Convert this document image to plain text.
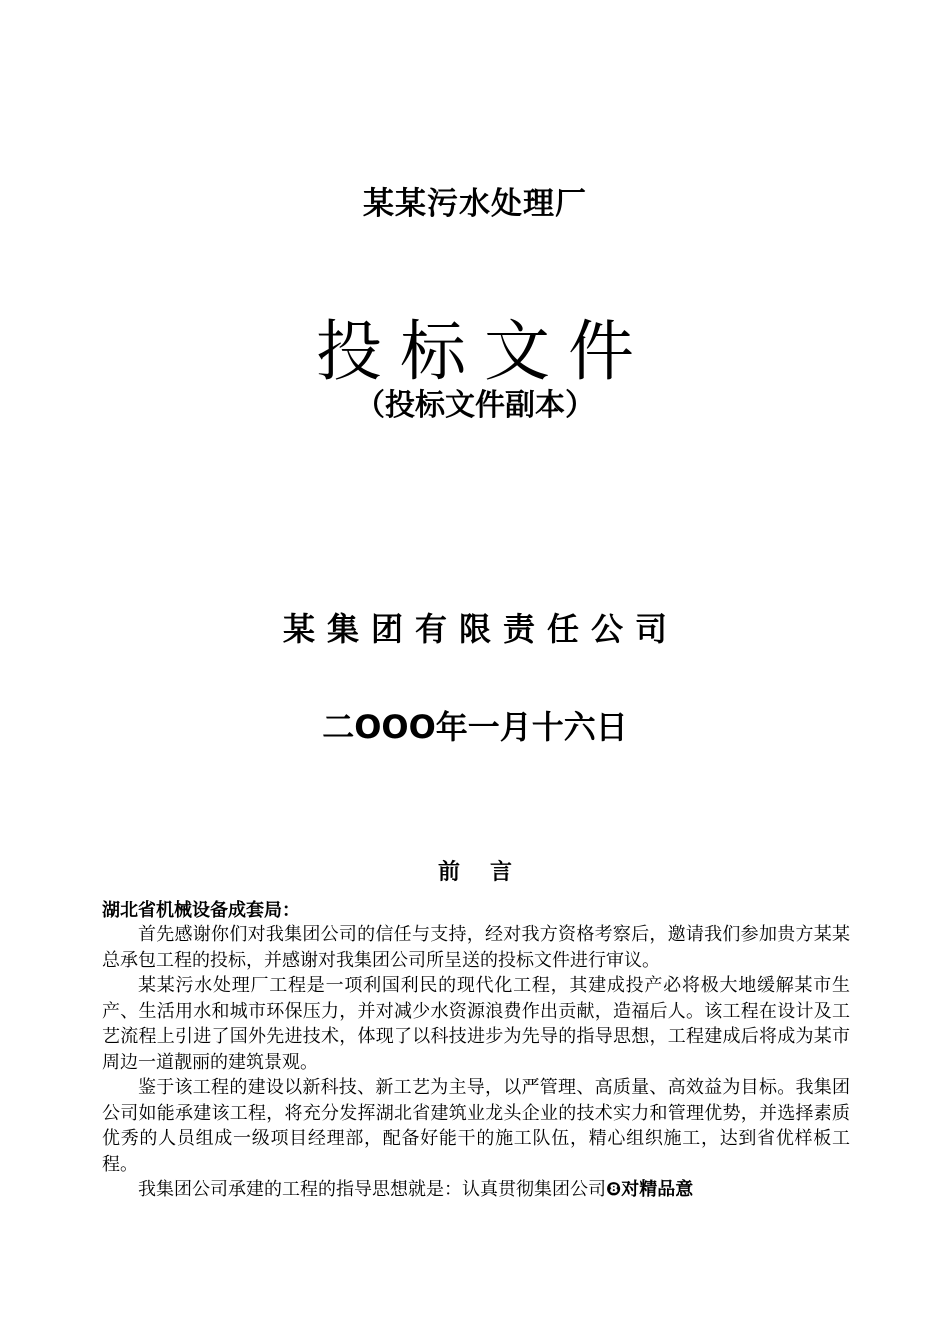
某某污水处理厂
投标文件
（投标文件副本）
某集团有限责任公司
二OOO年一月十六日
前言
湖北省机械设备成套局：

首先感谢你们对我集团公司的信任与支持，经对我方资格考察后，邀请我们参加贵方某某总承包工程的投标，并感谢对我集团公司所呈送的投标文件进行审议。

某某污水处理厂工程是一项利国利民的现代化工程，其建成投产必将极大地缓解某市生产、生活用水和城市环保压力，并对减少水资源浪费作出贡献，造福后人。该工程在设计及工艺流程上引进了国外先进技术，体现了以科技进步为先导的指导思想，工程建成后将成为某市周边一道靓丽的建筑景观。

鉴于该工程的建设以新科技、新工艺为主导，以严管理、高质量、高效益为目标。我集团公司如能承建该工程，将充分发挥湖北省建筑业龙头企业的技术实力和管理优势，并选择素质优秀的人员组成一级项目经理部，配备好能干的施工队伍，精心组织施工，达到省优样板工程。

我集团公司承建的工程的指导思想就是：认真贯彻集团公司❽对精品意
